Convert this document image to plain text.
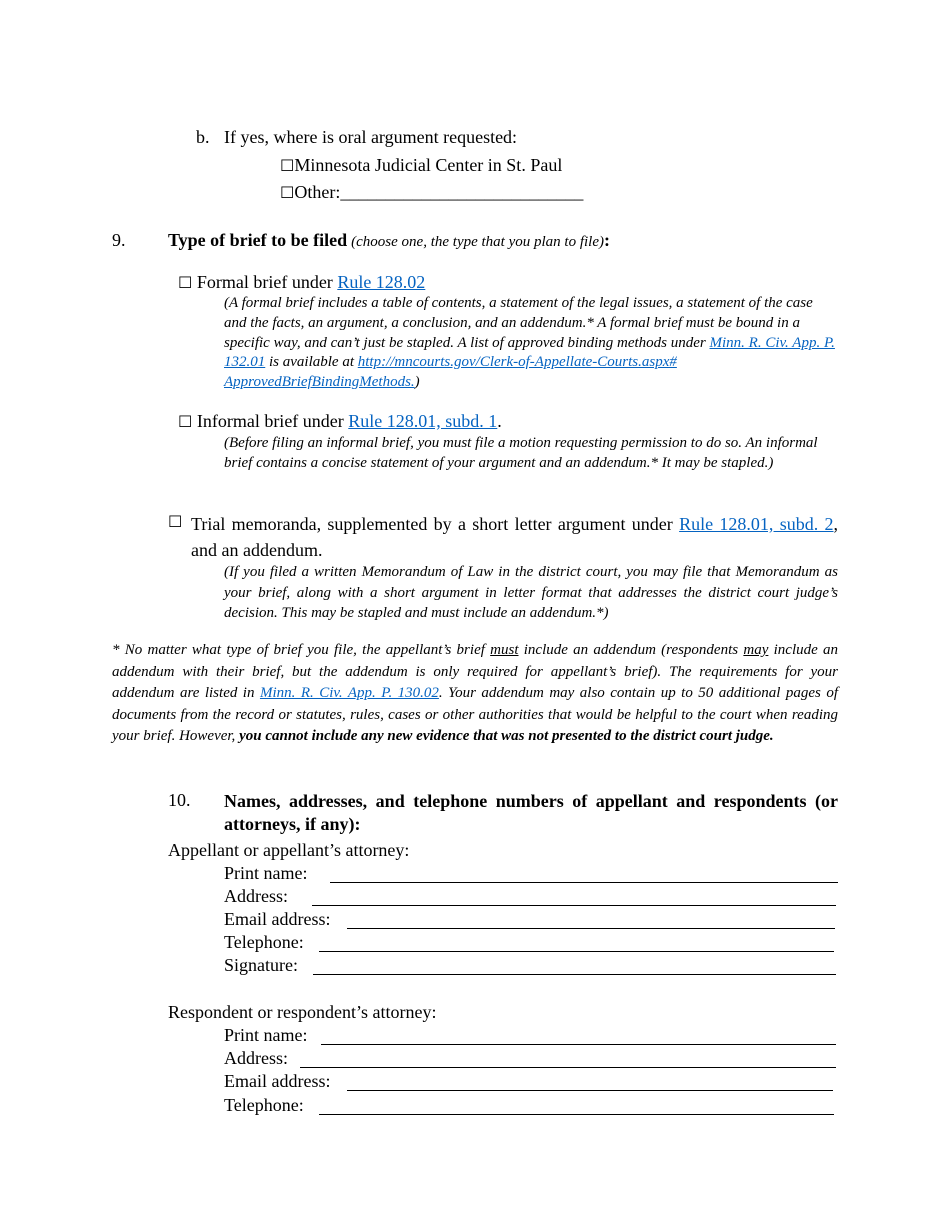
b. If yes, where is oral argument requested:
☐Minnesota Judicial Center in St. Paul
☐Other:___________________________
9. Type of brief to be filed (choose one, the type that you plan to file):
☐ Formal brief under Rule 128.02
(A formal brief includes a table of contents, a statement of the legal issues, a statement of the case and the facts, an argument, a conclusion, and an addendum.* A formal brief must be bound in a specific way, and can’t just be stapled. A list of approved binding methods under Minn. R. Civ. App. P. 132.01 is available at http://mncourts.gov/Clerk-of-Appellate-Courts.aspx# ApprovedBriefBindingMethods.)
☐ Informal brief under Rule 128.01, subd. 1.
(Before filing an informal brief, you must file a motion requesting permission to do so. An informal brief contains a concise statement of your argument and an addendum.* It may be stapled.)
☐ Trial memoranda, supplemented by a short letter argument under Rule 128.01, subd. 2, and an addendum.
(If you filed a written Memorandum of Law in the district court, you may file that Memorandum as your brief, along with a short argument in letter format that addresses the district court judge’s decision. This may be stapled and must include an addendum.*)
* No matter what type of brief you file, the appellant’s brief must include an addendum (respondents may include an addendum with their brief, but the addendum is only required for appellant’s brief). The requirements for your addendum are listed in Minn. R. Civ. App. P. 130.02. Your addendum may also contain up to 50 additional pages of documents from the record or statutes, rules, cases or other authorities that would be helpful to the court when reading your brief. However, you cannot include any new evidence that was not presented to the district court judge.
10. Names, addresses, and telephone numbers of appellant and respondents (or attorneys, if any):
Appellant or appellant’s attorney:
Print name:
Address:
Email address:
Telephone:
Signature:
Respondent or respondent’s attorney:
Print name:
Address:
Email address:
Telephone:
